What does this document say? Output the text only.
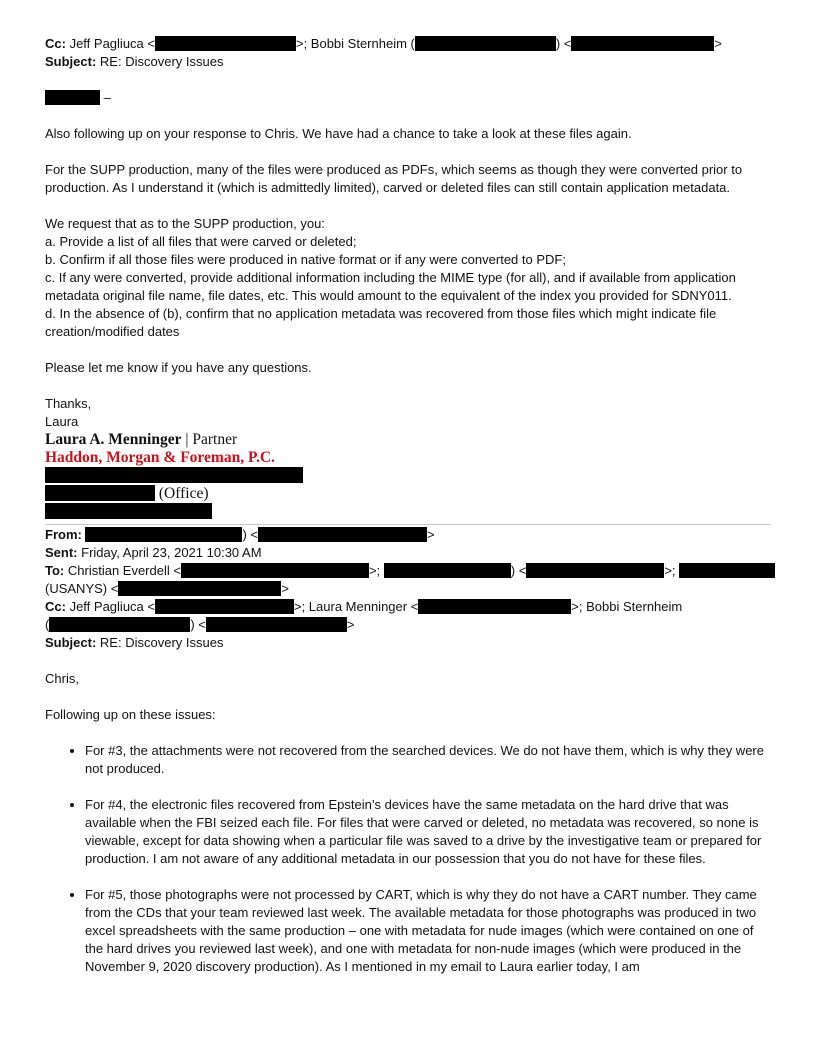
Cc: Jeff Pagliuca <	>; Bobbi Sternheim (	) <	>
Subject: RE: Discovery Issues
–
Also following up on your response to Chris. We have had a chance to take a look at these files again.
For the SUPP production, many of the files were produced as PDFs, which seems as though they were converted prior to production. As I understand it (which is admittedly limited), carved or deleted files can still contain application metadata.
We request that as to the SUPP production, you:
a. Provide a list of all files that were carved or deleted;
b. Confirm if all those files were produced in native format or if any were converted to PDF;
c. If any were converted, provide additional information including the MIME type (for all), and if available from application metadata original file name, file dates, etc. This would amount to the equivalent of the index you provided for SDNY011.
d. In the absence of (b), confirm that no application metadata was recovered from those files which might indicate file creation/modified dates
Please let me know if you have any questions.
Thanks,
Laura
Laura A. Menninger | Partner
Haddon, Morgan & Foreman, P.C.
(Office)
From:	) <	>
Sent: Friday, April 23, 2021 10:30 AM
To: Christian Everdell <	>;	) <	>;
(USANYS) <	>
Cc: Jeff Pagliuca <	>; Laura Menninger <	>; Bobbi Sternheim
(	) <	>
Subject: RE: Discovery Issues
Chris,
Following up on these issues:
• For #3, the attachments were not recovered from the searched devices. We do not have them, which is why they were not produced.
• For #4, the electronic files recovered from Epstein’s devices have the same metadata on the hard drive that was available when the FBI seized each file. For files that were carved or deleted, no metadata was recovered, so none is viewable, except for data showing when a particular file was saved to a drive by the investigative team or prepared for production. I am not aware of any additional metadata in our possession that you do not have for these files.
• For #5, those photographs were not processed by CART, which is why they do not have a CART number. They came from the CDs that your team reviewed last week. The available metadata for those photographs was produced in two excel spreadsheets with the same production – one with metadata for nude images (which were contained on one of the hard drives you reviewed last week), and one with metadata for non-nude images (which were produced in the November 9, 2020 discovery production). As I mentioned in my email to Laura earlier today, I am
